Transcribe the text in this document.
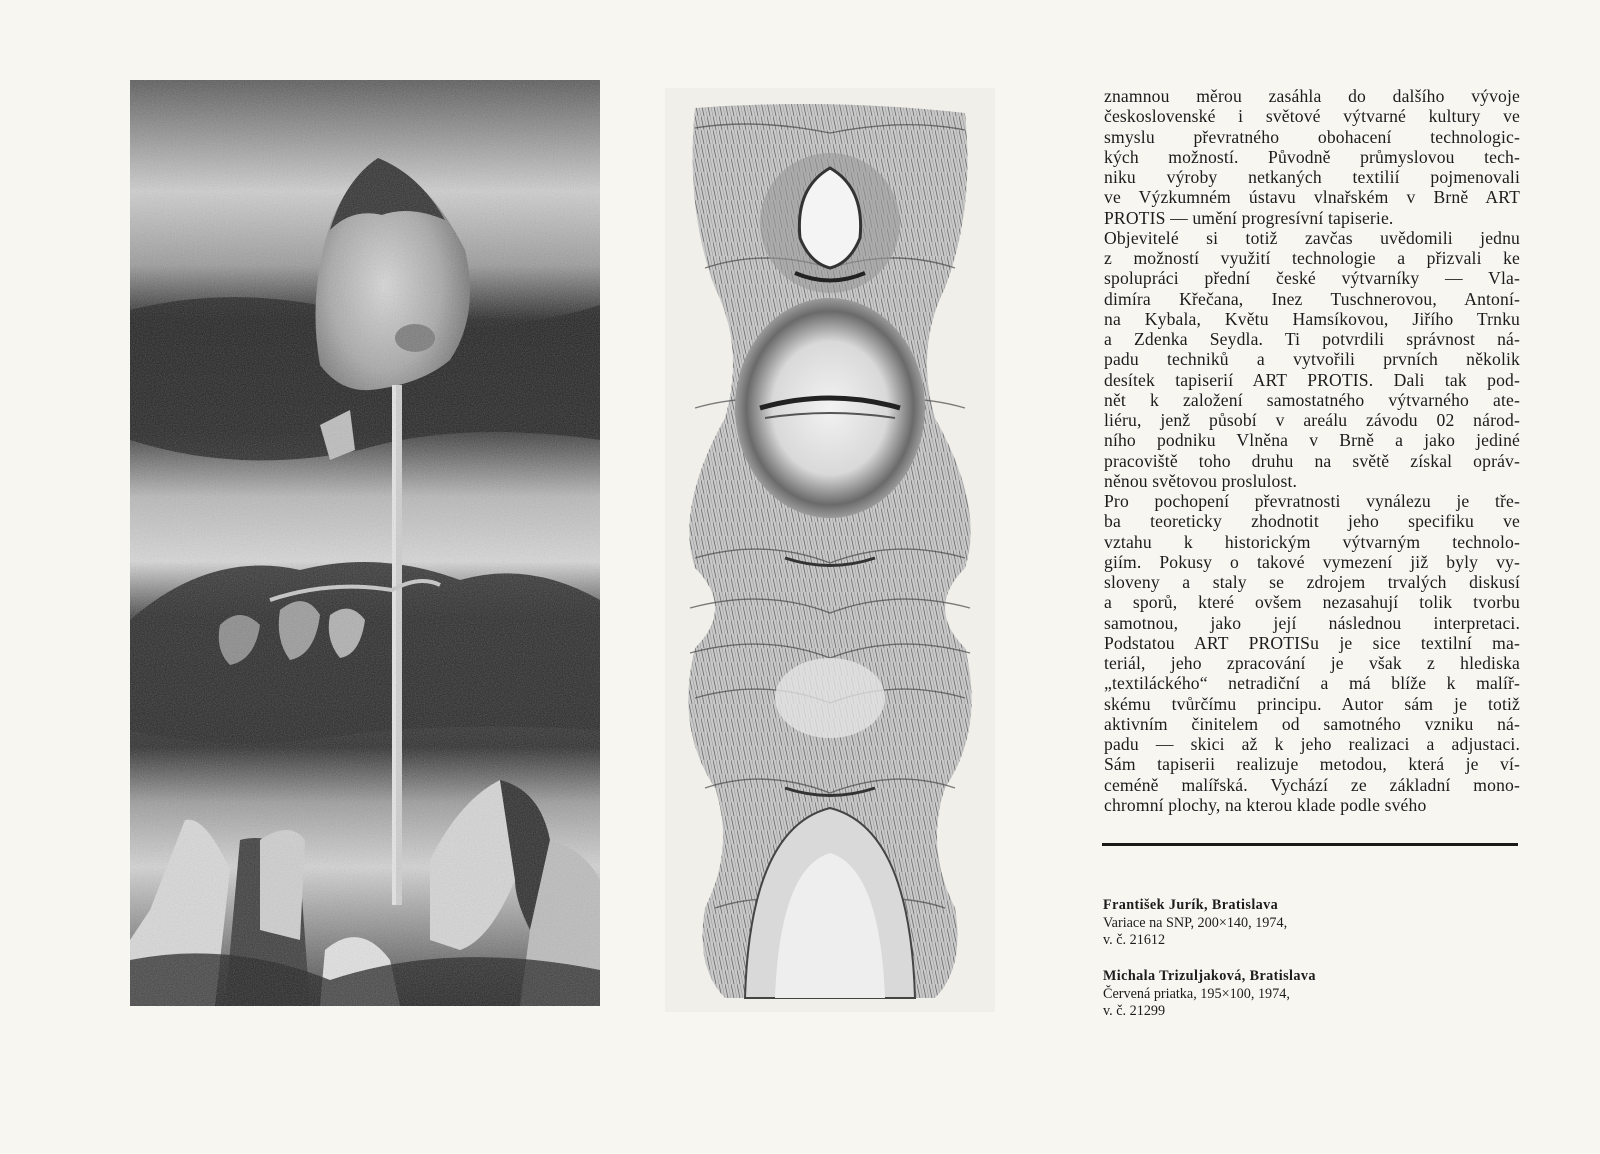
znamnou měrou zasáhla do dalšího vývoje

československé i světové výtvarné kultury ve

smyslu převratného obohacení technologic-

kých možností. Původně průmyslovou tech-

niku výroby netkaných textilií pojmenovali

ve Výzkumném ústavu vlnařském v Brně ART

PROTIS — umění progresívní tapiserie.

Objevitelé si totiž zavčas uvědomili jednu

z možností využití technologie a přizvali ke

spolupráci přední české výtvarníky — Vla-

dimíra Křečana, Inez Tuschnerovou, Antoní-

na Kybala, Květu Hamsíkovou, Jiřího Trnku

a Zdenka Seydla. Ti potvrdili správnost ná-

padu techniků a vytvořili prvních několik

desítek tapiserií ART PROTIS. Dali tak pod-

nět k založení samostatného výtvarného ate-

liéru, jenž působí v areálu závodu 02 národ-

ního podniku Vlněna v Brně a jako jediné

pracoviště toho druhu na světě získal opráv-

něnou světovou proslulost.

Pro pochopení převratnosti vynálezu je tře-

ba teoreticky zhodnotit jeho specifiku ve

vztahu k historickým výtvarným technolo-

giím. Pokusy o takové vymezení již byly vy-

sloveny a staly se zdrojem trvalých diskusí

a sporů, které ovšem nezasahují tolik tvorbu

samotnou, jako její následnou interpretaci.

Podstatou ART PROTISu je sice textilní ma-

teriál, jeho zpracování je však z hlediska

„textiláckého“ netradiční a má blíže k malíř-

skému tvůrčímu principu. Autor sám je totiž

aktivním činitelem od samotného vzniku ná-

padu — skici až k jeho realizaci a adjustaci.

Sám tapiserii realizuje metodou, která je ví-

ceméně malířská. Vychází ze základní mono-

chromní plochy, na kterou klade podle svého

František Jurík, Bratislava
Variace na SNP, 200×140, 1974,
v. č. 21612
Michala Trizuljaková, Bratislava
Červená priatka, 195×100, 1974,
v. č. 21299
